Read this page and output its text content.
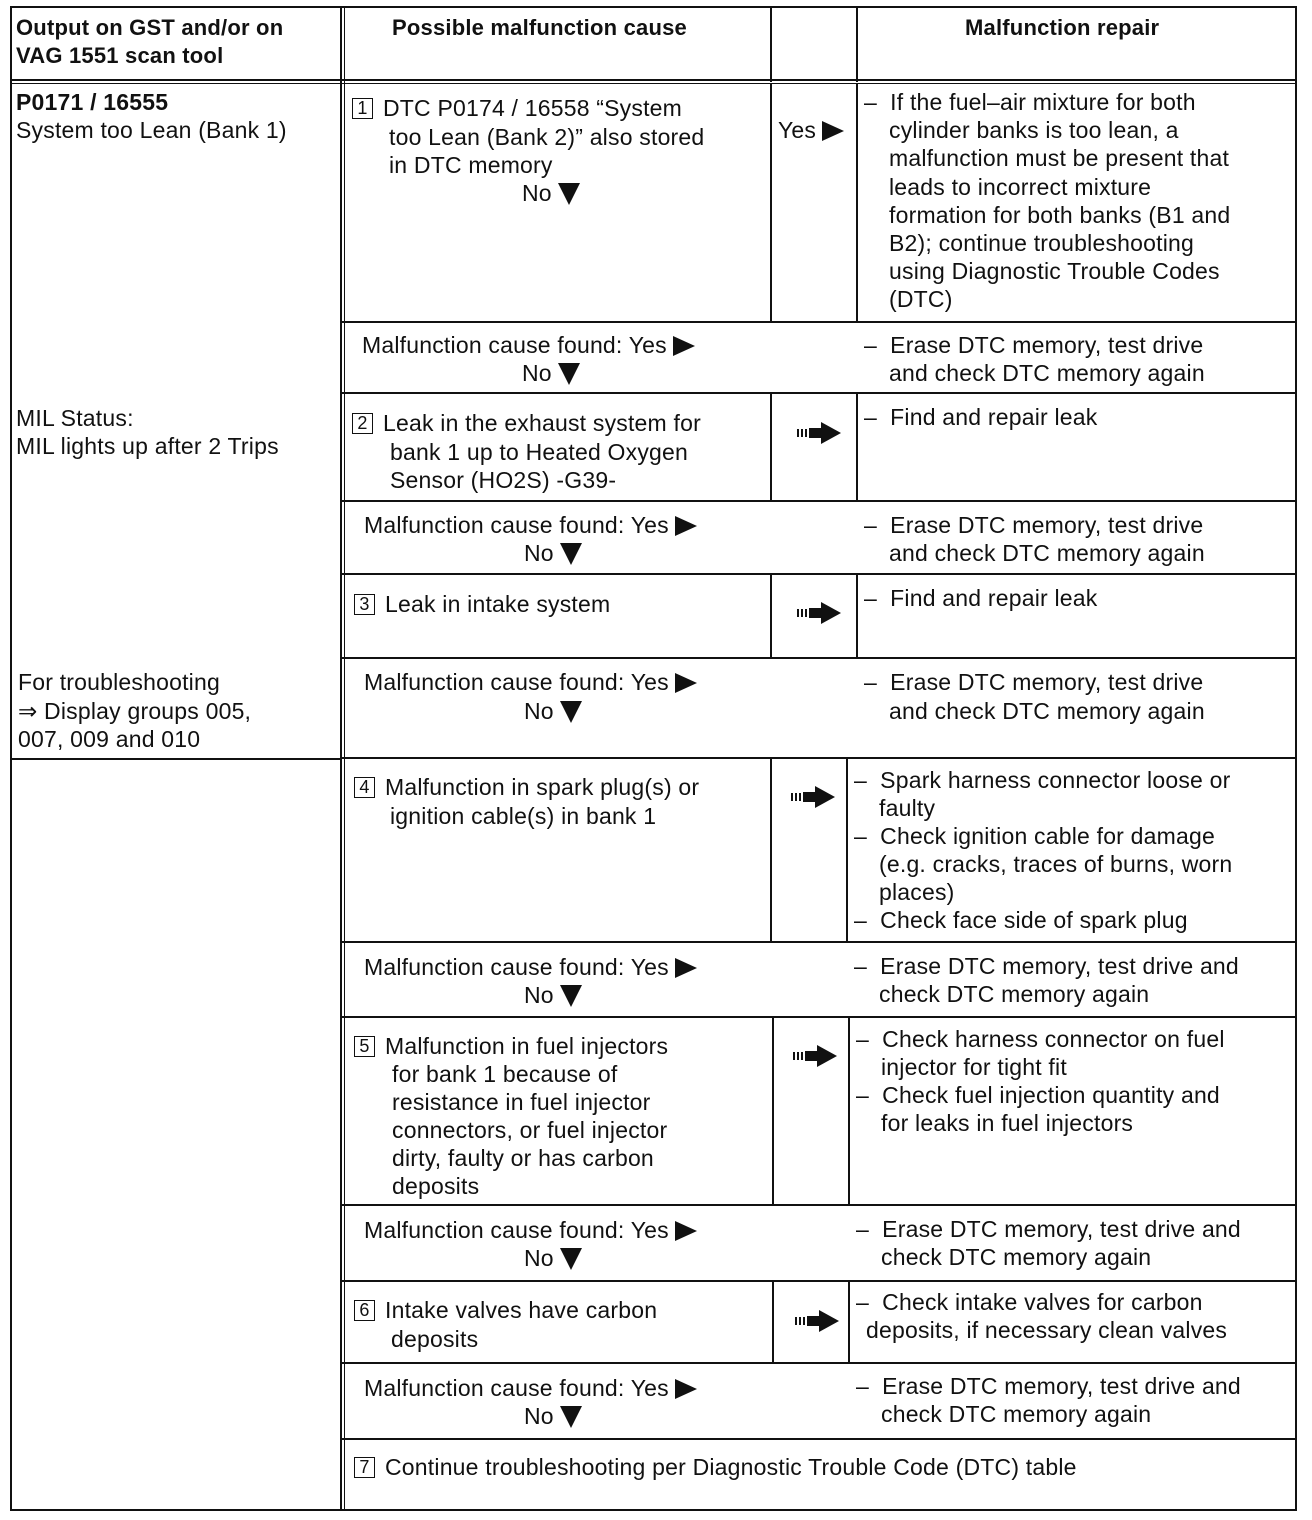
Output on GST and/or on
VAG 1551 scan tool
Possible malfunction cause	Malfunction repair
P0171 / 16555
System too Lean (Bank 1)
MIL Status:
MIL lights up after 2 Trips
For troubleshooting
⇒ Display groups 005,
007, 009 and 010
1 DTC P0174 / 16558 “System
too Lean (Bank 2)” also stored
in DTC memory
No
Yes
–  If the fuel–air mixture for both
cylinder banks is too lean, a
malfunction must be present that
leads to incorrect mixture
formation for both banks (B1 and
B2); continue troubleshooting
using Diagnostic Trouble Codes
(DTC)
Malfunction cause found: Yes
No
–  Erase DTC memory, test drive
and check DTC memory again
2 Leak in the exhaust system for
bank 1 up to Heated Oxygen
Sensor (HO2S) -G39-
–  Find and repair leak
Malfunction cause found: Yes
No
–  Erase DTC memory, test drive
and check DTC memory again
3 Leak in intake system	–  Find and repair leak
Malfunction cause found: Yes
No
–  Erase DTC memory, test drive
and check DTC memory again
4 Malfunction in spark plug(s) or
ignition cable(s) in bank 1
–  Spark harness connector loose or
faulty
–  Check ignition cable for damage
(e.g. cracks, traces of burns, worn
places)
–  Check face side of spark plug
Malfunction cause found: Yes
No
–  Erase DTC memory, test drive and
check DTC memory again
5 Malfunction in fuel injectors
for bank 1 because of
resistance in fuel injector
connectors, or fuel injector
dirty, faulty or has carbon
deposits
–  Check harness connector on fuel
injector for tight fit
–  Check fuel injection quantity and
for leaks in fuel injectors
Malfunction cause found: Yes
No
–  Erase DTC memory, test drive and
check DTC memory again
6 Intake valves have carbon
deposits
–  Check intake valves for carbon
deposits, if necessary clean valves
Malfunction cause found: Yes
No
–  Erase DTC memory, test drive and
check DTC memory again
7 Continue troubleshooting per Diagnostic Trouble Code (DTC) table
